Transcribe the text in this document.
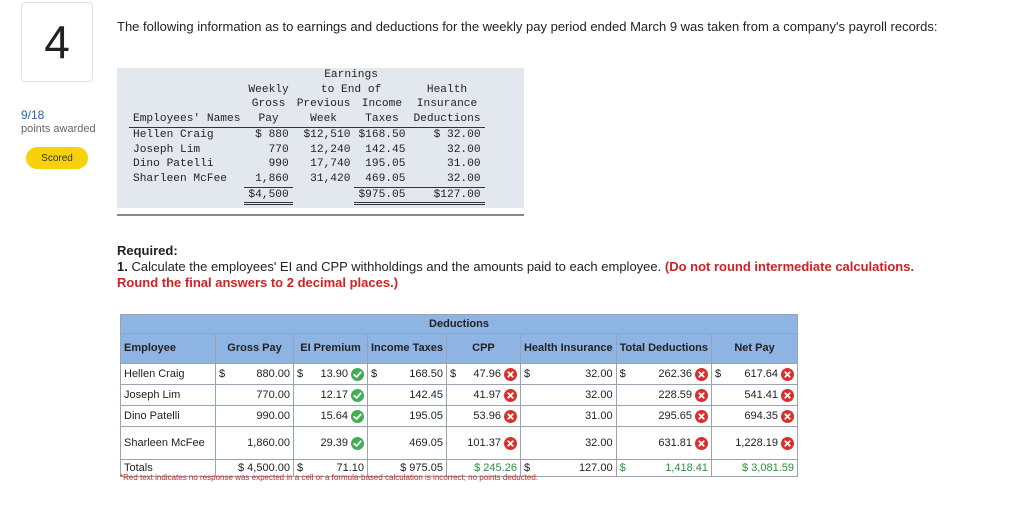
4
9/18
points awarded
Scored
The following information as to earnings and deductions for the weekly pay period ended March 9 was taken from a company's payroll records:
		Earnings			
	Weekly	to End of		Health	
	Gross	Previous	Income	Insurance	
Employees' Names	Pay	Week	Taxes	Deductions	
Hellen Craig	$ 880	$12,510	$168.50	$ 32.00	
Joseph Lim	770	12,240	142.45	32.00	
Dino Patelli	990	17,740	195.05	31.00	
Sharleen McFee	1,860	31,420	469.05	32.00	
	$4,500		$975.05	$127.00	
Required:
1. Calculate the employees' EI and CPP withholdings and the amounts paid to each employee. (Do not round intermediate calculations. Round the final answers to 2 decimal places.)
Deductions							
Employee	Gross Pay	EI Premium	Income Taxes	CPP	Health Insurance	Total Deductions	Net Pay
Hellen Craig	$ 880.00	$ 13.90	$ 168.50	$ 47.96	$ 32.00	$ 262.36	$ 617.64

Joseph Lim	770.00	12.17	142.45	41.97	32.00	228.59	541.41

Dino Patelli	990.00	15.64	195.05	53.96	31.00	295.65	694.35

Sharleen McFee	1,860.00	29.39	469.05	101.37	32.00	631.81	1,228.19

Totals	$ 4,500.00	$ 71.10	$ 975.05	$ 245.26	$ 127.00	$ 1,418.41	$ 3,081.59
*Red text indicates no response was expected in a cell or a formula-based calculation is incorrect; no points deducted.
